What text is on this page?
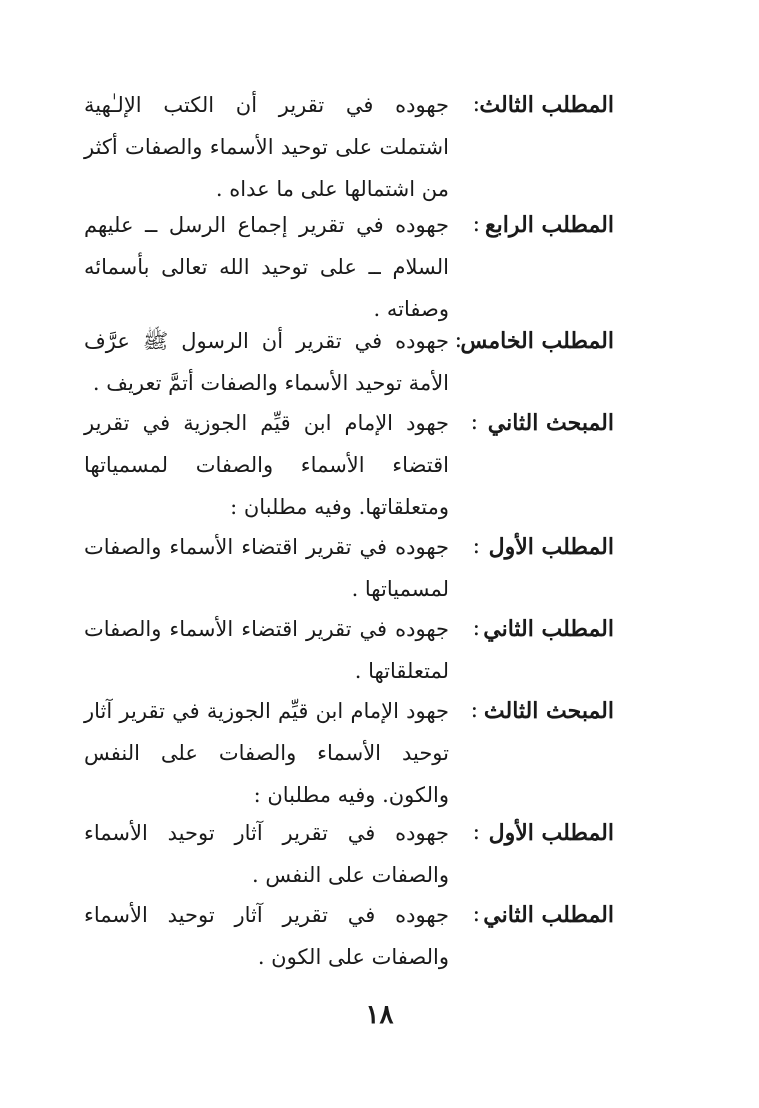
المطلب الثالث
:
جهوده في تقرير أن الكتب الإلـٰهية اشتملت على توحيد الأسماء والصفات أكثر من اشتمالها على ما عداه .
المطلب الرابع
:
جهوده في تقرير إجماع الرسل ــ عليهم السلام ــ على توحيد الله تعالى بأسمائه وصفاته .
المطلب الخامس
:
جهوده في تقرير أن الرسول ﷺ عرَّف الأمة توحيد الأسماء والصفات أتمَّ تعريف .
المبحث الثاني
:
جهود الإمام ابن قيِّم الجوزية في تقرير اقتضاء الأسماء والصفات لمسمياتها ومتعلقاتها. وفيه مطلبان :
المطلب الأول
:
جهوده في تقرير اقتضاء الأسماء والصفات لمسمياتها .
المطلب الثاني
:
جهوده في تقرير اقتضاء الأسماء والصفات لمتعلقاتها .
المبحث الثالث
:
جهود الإمام ابن قيِّم الجوزية في تقرير آثار توحيد الأسماء والصفات على النفس والكون. وفيه مطلبان :
المطلب الأول
:
جهوده في تقرير آثار توحيد الأسماء والصفات على النفس .
المطلب الثاني
:
جهوده في تقرير آثار توحيد الأسماء والصفات على الكون .
١٨
